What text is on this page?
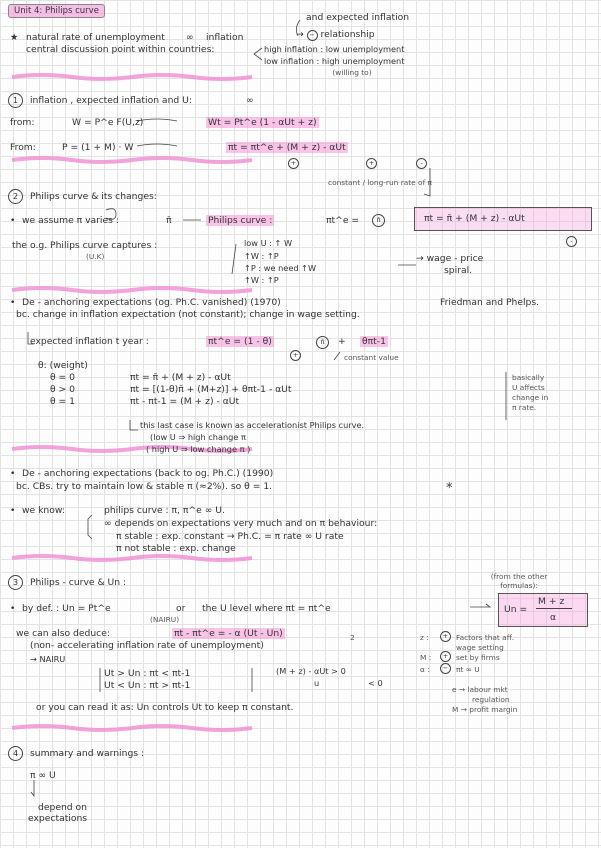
Unit 4: Philips curve
★ natural rate of unemployment ∞ inflation
central discussion point within countries:
and expected inflation
→ − relationship
high inflation : low unemployment
low inflation : high unemployment
(willing to)
1	inflation , expected inflation and U:	∞
from:	W = P^e F(U,z)	Wt = Pt^e (1 - αUt + z)
From:	P = (1 + M) · W	πt = πt^e + (M + z) - αUt
+	+	-
2	Philips curve & its changes:
constant / long-run rate of π
• we assume π varies :	π̄	Philips curve :	πt^e =	π̄	πt = π̄ + (M + z) - αUt
-
the o.g. Philips curve captures :
(U.K)
low U : ↑ W
↑W : ↑P
↑P : we need ↑W
↑W : ↑P
→ wage - price
spiral.
• De - anchoring expectations (og. Ph.C. vanished) (1970)	Friedman and Phelps.
bc. change in inflation expectation (not constant); change in wage setting.
expected inflation t year :	πt^e = (1 - θ)	π̄	+ θπt-1
+	constant value
θ: (weight)
θ = 0	πt = π̄ + (M + z) - αUt
θ > 0	πt = [(1-θ)π̄ + (M+z)] + θπt-1 - αUt
θ = 1	πt - πt-1 = (M + z) - αUt
basically
U affects
change in
π rate.
this last case is known as accelerationist Philips curve.
(low U ⇒ high change π
( high U ⇒ low change π )
• De - anchoring expectations (back to og. Ph.C.) (1990)
bc. CBs. try to maintain low & stable π (≈2%). so θ = 1.	*
• we know:	philips curve : π, π^e ∞ U.
∞ depends on expectations very much and on π behaviour:
π stable : exp. constant → Ph.C. = π rate ∞ U rate
π not stable : exp. change
3	Philips - curve & Un :
(from the other formulas):
• by def. : Un = Pt^e	or the U level where πt = πt^e
(NAIRU)
Un =
M + z
α
we can also deduce:	πt - πt^e = - α (Ut - Un)	2
(non- accelerating inflation rate of unemployment)
→ NAIRU
Ut > Un : πt < πt-1
Ut < Un : πt > πt-1
(M + z) - αUt > 0
u	< 0
z :	+	Factors that aff.
wage setting
set by firms
M :	+
α :	−	πt ∞ U
e → labour mkt
regulation
M → profit margin
or you can read it as: Un controls Ut to keep π constant.
4	summary and warnings :
π ∞ U
depend on
expectations
